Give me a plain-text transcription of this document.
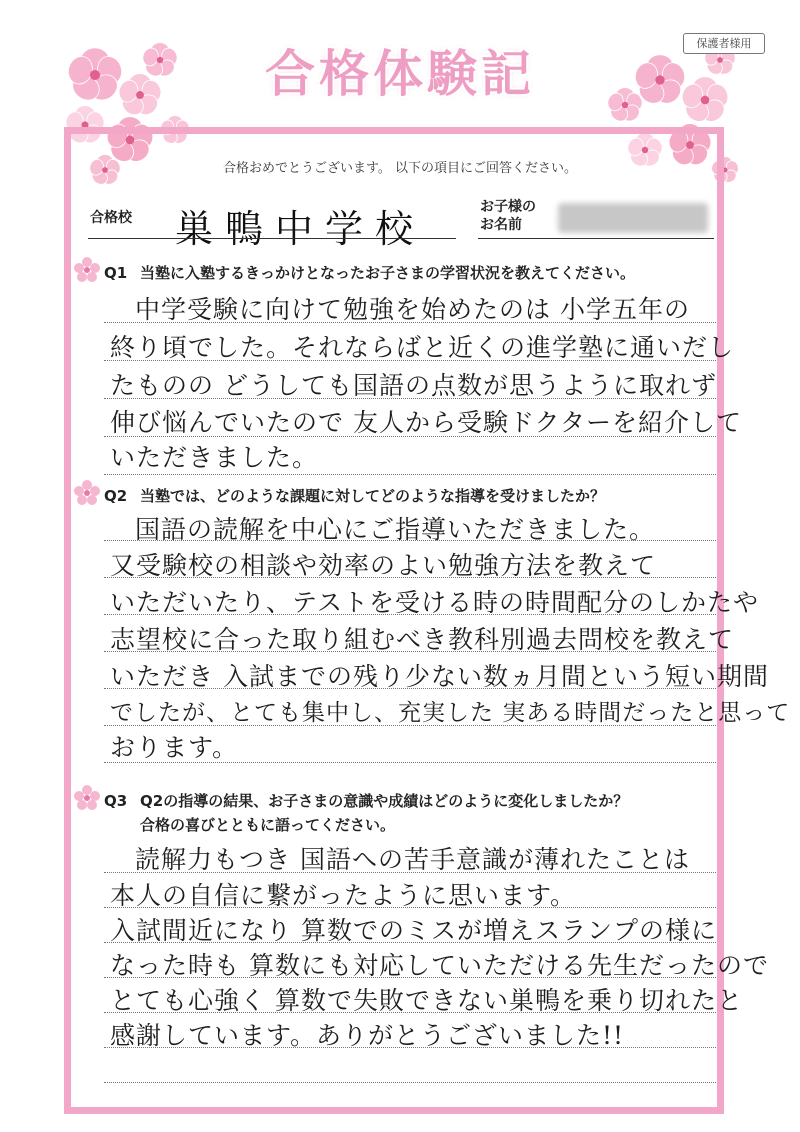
保護者様用
合格体験記
合格おめでとうございます。 以下の項目にご回答ください。
合格校 巣鴨中学校	お子様の
お名前
Q1 当塾に入塾するきっかけとなったお子さまの学習状況を教えてください。
中学受験に向けて勉強を始めたのは 小学五年の
終り頃でした。それならばと近くの進学塾に通いだし
たものの どうしても国語の点数が思うように取れず
伸び悩んでいたので 友人から受験ドクターを紹介して
いただきました。
Q2 当塾では、どのような課題に対してどのような指導を受けましたか？
国語の読解を中心にご指導いただきました。
又受験校の相談や効率のよい勉強方法を教えて
いただいたり、テストを受ける時の時間配分のしかたや
志望校に合った取り組むべき教科別過去問校を教えて
いただき 入試までの残り少ない数ヵ月間という短い期間
でしたが、とても集中し、充実した 実ある時間だったと思って
おります。
Q3 Q2の指導の結果、お子さまの意識や成績はどのように変化しましたか？
合格の喜びとともに語ってください。
読解力もつき 国語への苦手意識が薄れたことは
本人の自信に繋がったように思います。
入試間近になり 算数でのミスが増えスランプの様に
なった時も 算数にも対応していただける先生だったので
とても心強く 算数で失敗できない巣鴨を乗り切れたと
感謝しています。ありがとうございました!!
